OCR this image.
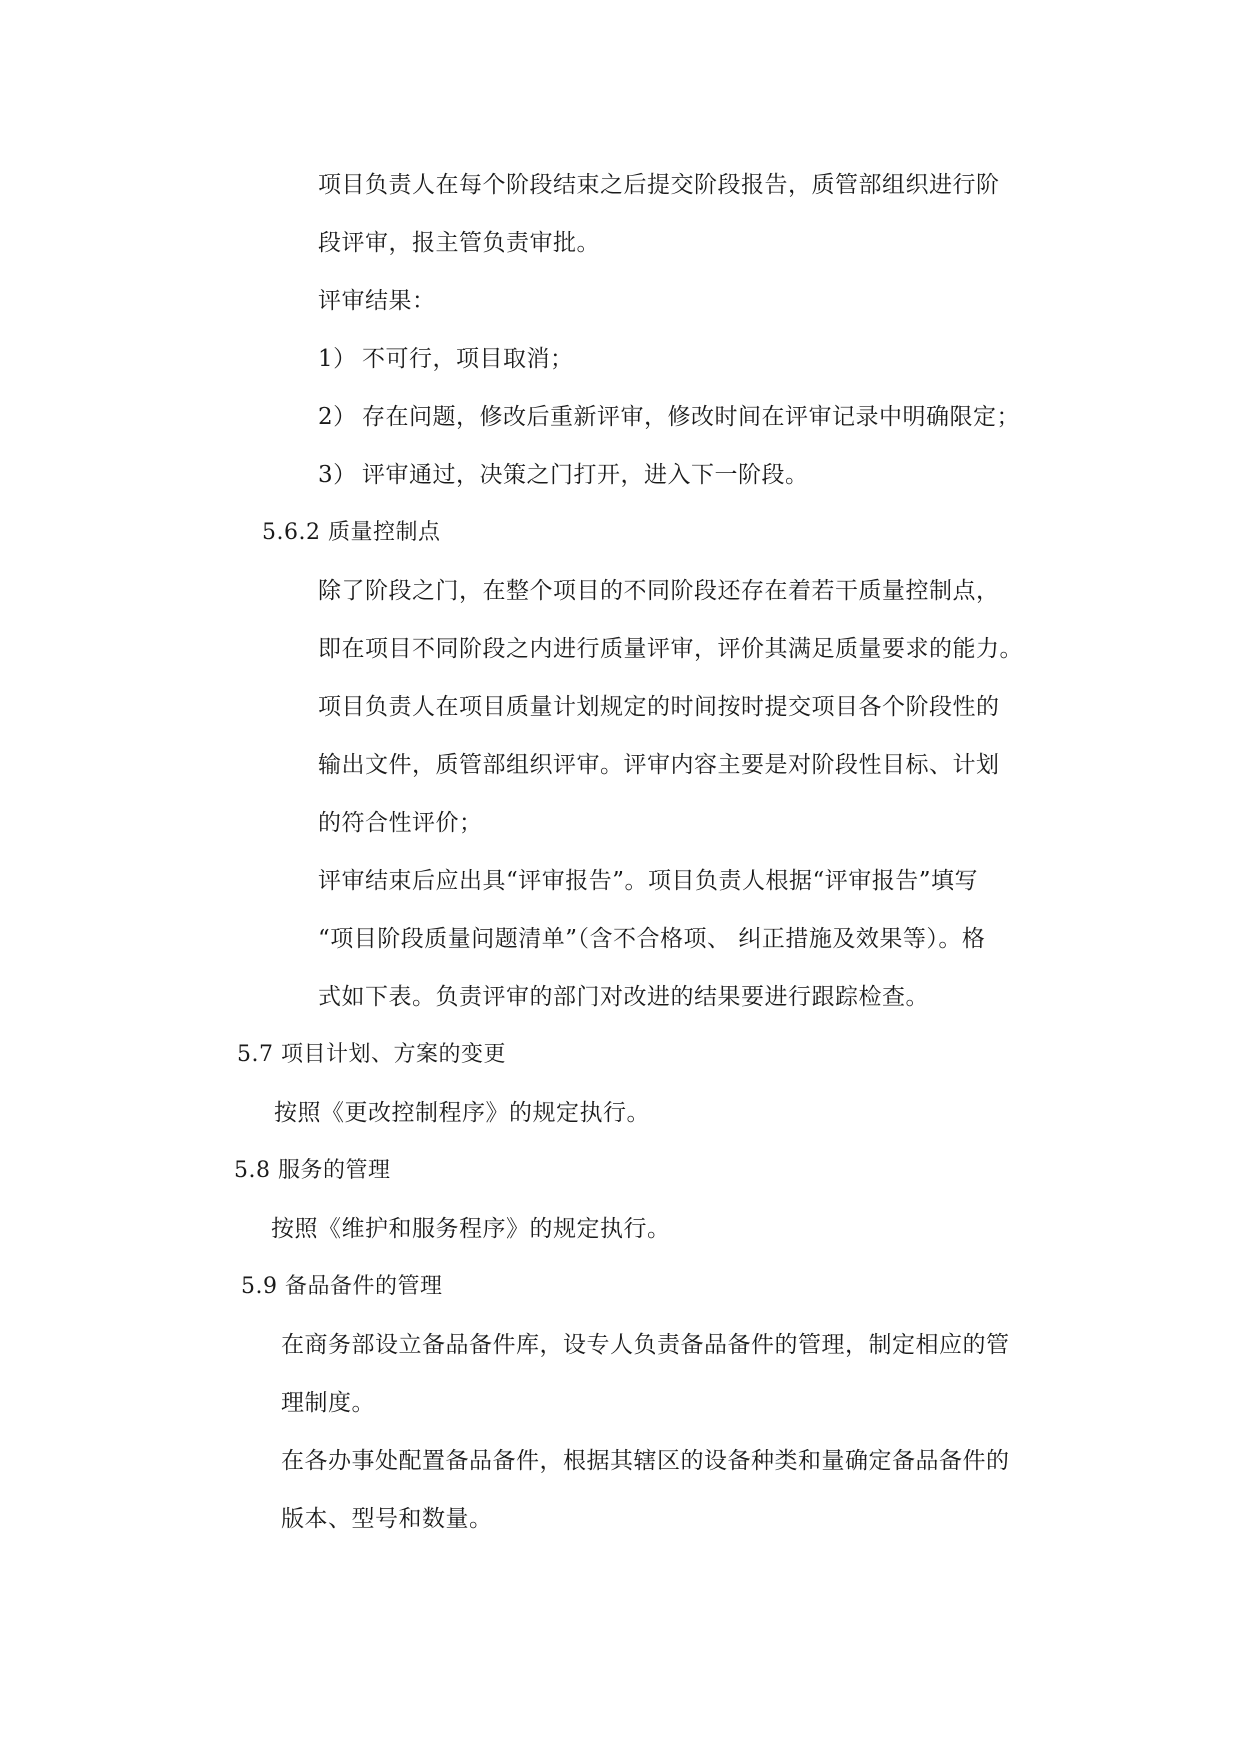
项目负责人在每个阶段结束之后提交阶段报告，质管部组织进行阶
段评审，报主管负责审批。
评审结果：
1） 不可行，项目取消；
2） 存在问题，修改后重新评审，修改时间在评审记录中明确限定；
3） 评审通过，决策之门打开，进入下一阶段。
5.6.2 质量控制点
除了阶段之门，在整个项目的不同阶段还存在着若干质量控制点，
即在项目不同阶段之内进行质量评审，评价其满足质量要求的能力。
项目负责人在项目质量计划规定的时间按时提交项目各个阶段性的
输出文件，质管部组织评审。评审内容主要是对阶段性目标、计划
的符合性评价；
评审结束后应出具“评审报告”。项目负责人根据“评审报告”填写
“项目阶段质量问题清单”（含不合格项、 纠正措施及效果等）。格
式如下表。负责评审的部门对改进的结果要进行跟踪检查。
5.7 项目计划、方案的变更
按照《更改控制程序》的规定执行。
5.8 服务的管理
按照《维护和服务程序》的规定执行。
5.9 备品备件的管理
在商务部设立备品备件库，设专人负责备品备件的管理，制定相应的管
理制度。
在各办事处配置备品备件，根据其辖区的设备种类和量确定备品备件的
版本、型号和数量。
